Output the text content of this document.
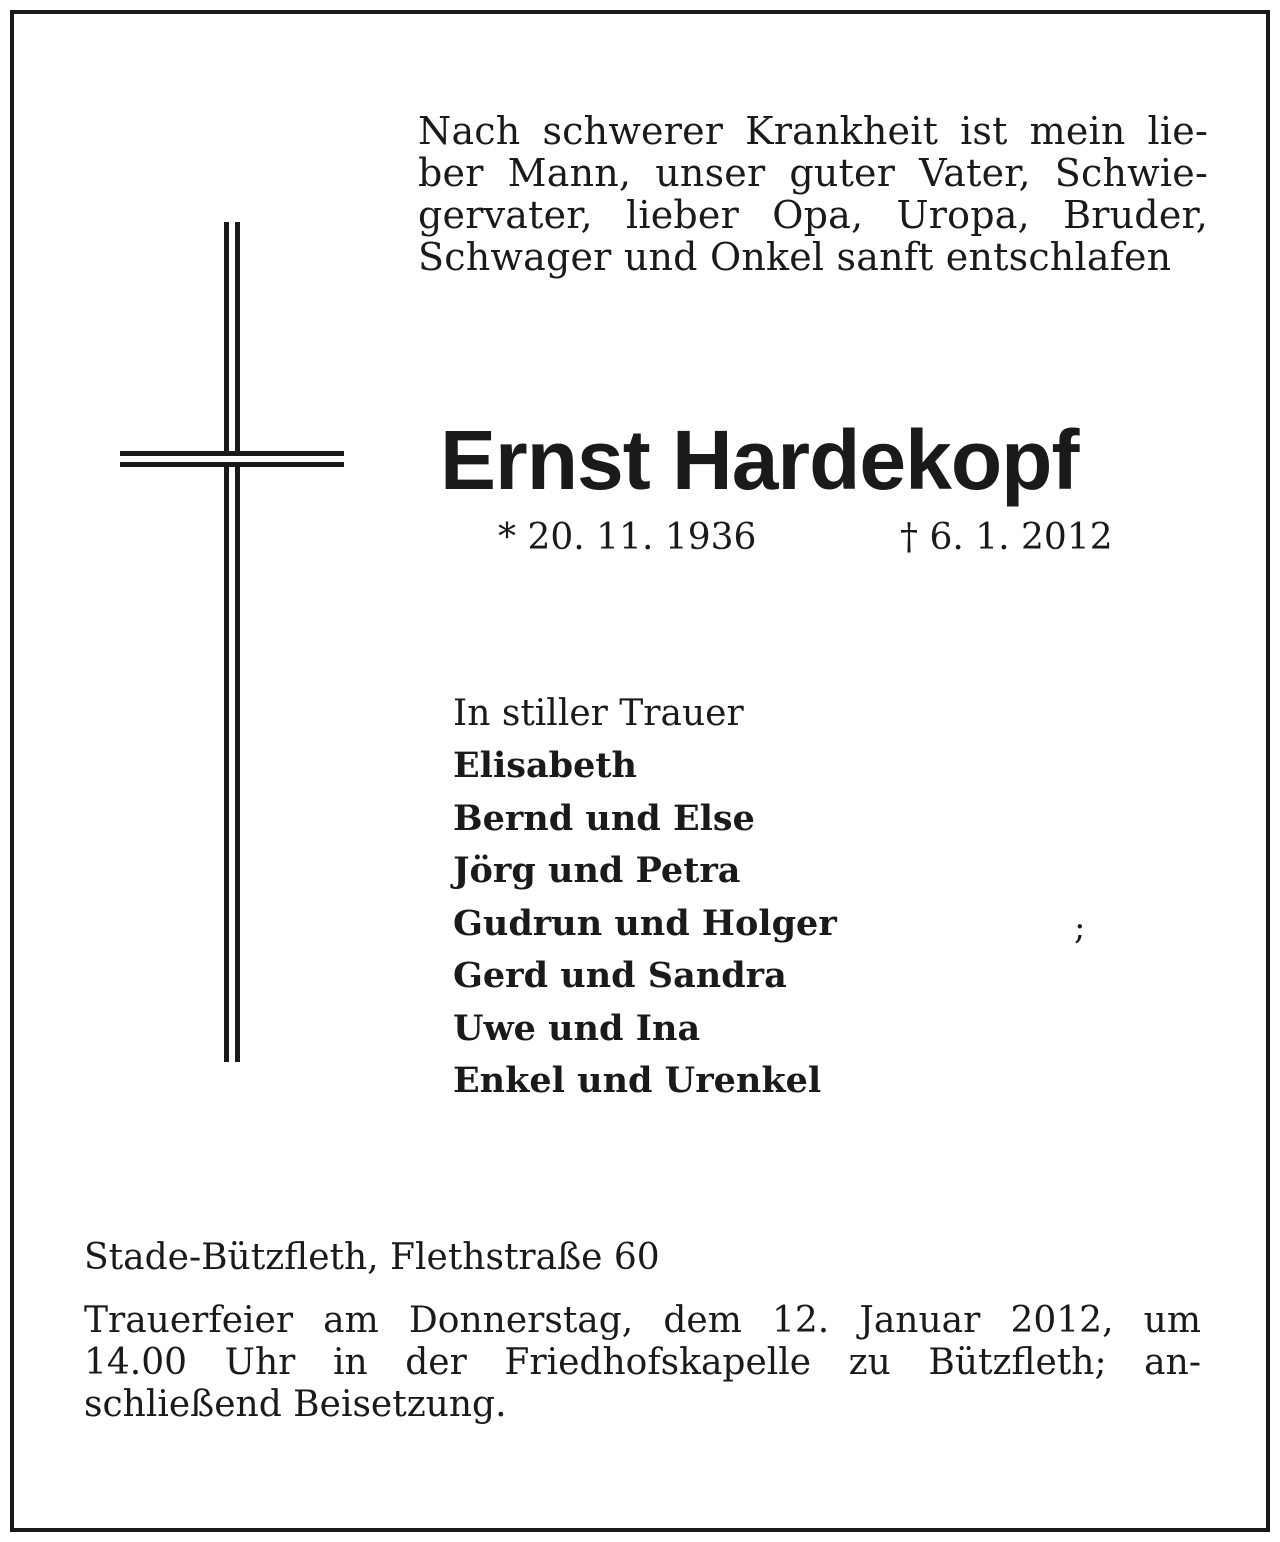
Nach schwerer Krankheit ist mein lie-
ber Mann, unser guter Vater, Schwie-
gervater, lieber Opa, Uropa, Bruder,
Schwager und Onkel sanft entschlafen
Ernst Hardekopf
* 20. 11. 1936	† 6. 1. 2012
In stiller Trauer
Elisabeth
Bernd und Else
Jörg und Petra
Gudrun und Holger
Gerd und Sandra
Uwe und Ina
Enkel und Urenkel
;
Stade-Bützfleth, Flethstraße 60
Trauerfeier am Donnerstag, dem 12. Januar 2012, um
14.00 Uhr in der Friedhofskapelle zu Bützfleth; an-
schließend Beisetzung.
